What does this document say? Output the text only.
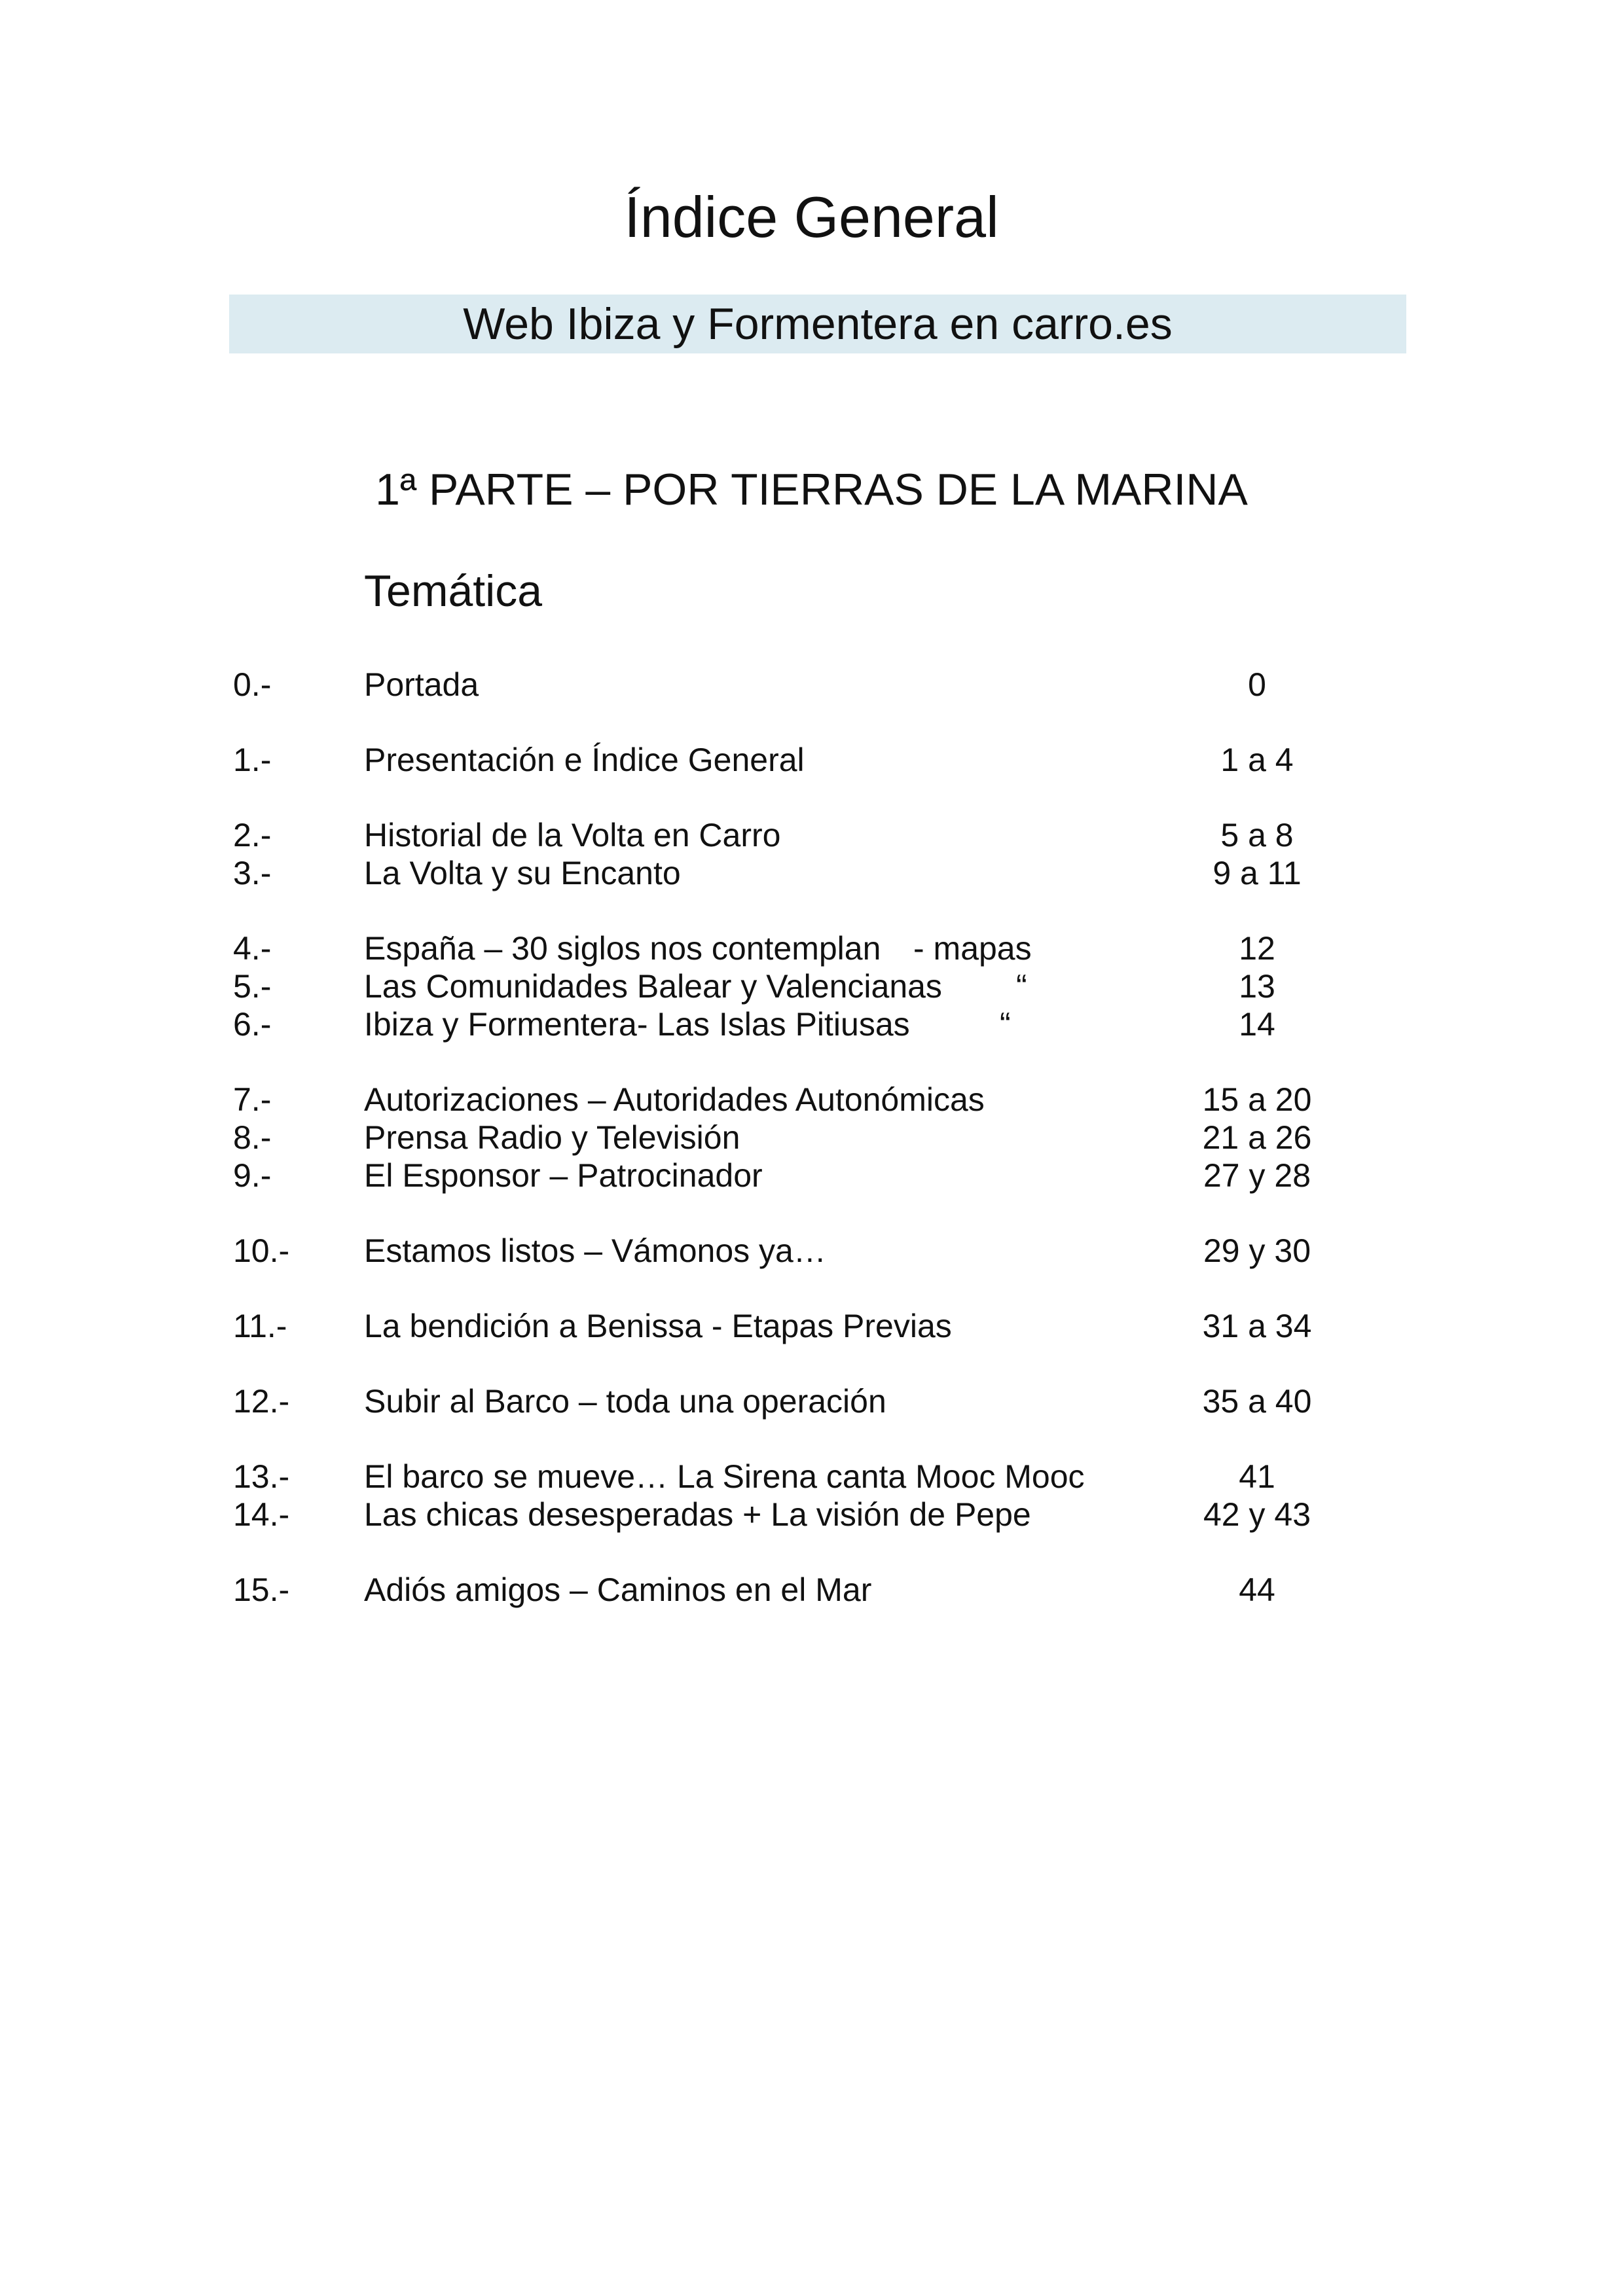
Índice General
Web Ibiza y Formentera en carro.es
1ª PARTE – POR TIERRAS DE LA MARINA
Temática
0.-	Portada	0
1.-	Presentación e Índice General	1 a 4
2.-	Historial de la Volta en Carro	5 a 8
3.-	La Volta y su Encanto	9 a 11
4.-	España – 30 siglos nos contemplan - mapas	12
5.-	Las Comunidades Balear y Valencianas “	13
6.-	Ibiza y Formentera- Las Islas Pitiusas	“	14
7.-	Autorizaciones – Autoridades Autonómicas	15 a 20
8.-	Prensa Radio y Televisión	21 a 26
9.-	El Esponsor – Patrocinador	27 y 28
10.- Estamos listos – Vámonos ya…	29 y 30
11.- La bendición a Benissa - Etapas Previas	31 a 34
12.- Subir al Barco – toda una operación	35 a 40
13.- El barco se mueve… La Sirena canta Mooc Mooc	41
14.- Las chicas desesperadas + La visión de Pepe	42 y 43
15.- Adiós amigos – Caminos en el Mar	44
